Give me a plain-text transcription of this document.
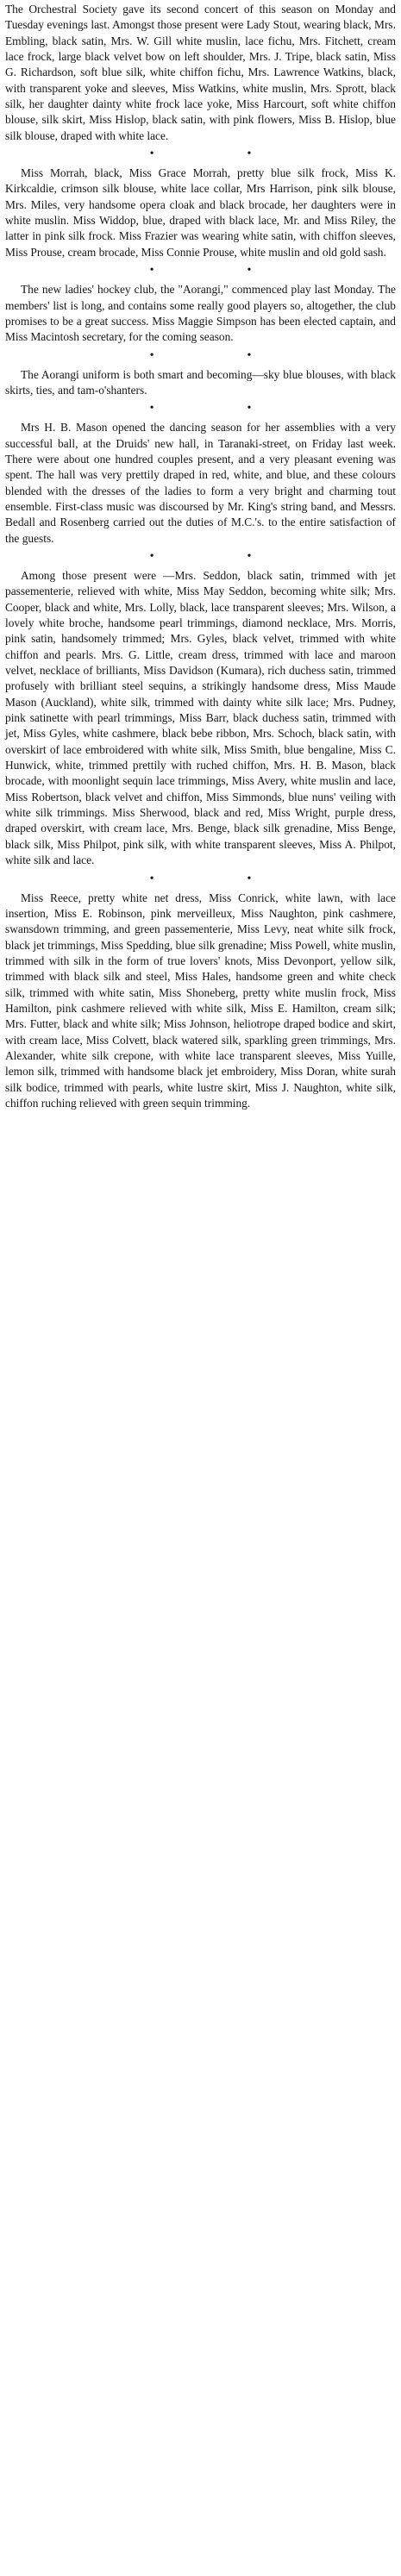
The Orchestral Society gave its second concert of this season on Monday and Tuesday evenings last. Amongst those present were Lady Stout, wearing black, Mrs. Embling, black satin, Mrs. W. Gill white muslin, lace fichu, Mrs. Fitchett, cream lace frock, large black velvet bow on left shoulder, Mrs. J. Tripe, black satin, Miss G. Richardson, soft blue silk, white chiffon fichu, Mrs. Lawrence Watkins, black, with transparent yoke and sleeves, Miss Watkins, white muslin, Mrs. Sprott, black silk, her daughter dainty white frock lace yoke, Miss Harcourt, soft white chiffon blouse, silk skirt, Miss Hislop, black satin, with pink flowers, Miss B. Hislop, blue silk blouse, draped with white lace.

•	•

Miss Morrah, black, Miss Grace Morrah, pretty blue silk frock, Miss K. Kirkcaldie, crimson silk blouse, white lace collar, Mrs Harrison, pink silk blouse, Mrs. Miles, very handsome opera cloak and black brocade, her daughters were in white muslin. Miss Widdop, blue, draped with black lace, Mr. and Miss Riley, the latter in pink silk frock. Miss Frazier was wearing white satin, with chiffon sleeves, Miss Prouse, cream brocade, Miss Connie Prouse, white muslin and old gold sash.

•	•

The new ladies' hockey club, the "Aorangi," commenced play last Monday. The members' list is long, and contains some really good players so, altogether, the club promises to be a great success. Miss Maggie Simpson has been elected captain, and Miss Macintosh secretary, for the coming season.

•	•

The Aorangi uniform is both smart and becoming—sky blue blouses, with black skirts, ties, and tam-o'shanters.

•	•

Mrs H. B. Mason opened the dancing season for her assemblies with a very successful ball, at the Druids' new hall, in Taranaki-street, on Friday last week. There were about one hundred couples present, and a very pleasant evening was spent. The hall was very prettily draped in red, white, and blue, and these colours blended with the dresses of the ladies to form a very bright and charming tout ensemble. First-class music was discoursed by Mr. King's string band, and Messrs. Bedall and Rosenberg carried out the duties of M.C.'s. to the entire satisfaction of the guests.

•	•

Among those present were —Mrs. Seddon, black satin, trimmed with jet passementerie, relieved with white, Miss May Seddon, becoming white silk; Mrs. Cooper, black and white, Mrs. Lolly, black, lace transparent sleeves; Mrs. Wilson, a lovely white broche, handsome pearl trimmings, diamond necklace, Mrs. Morris, pink satin, handsomely trimmed; Mrs. Gyles, black velvet, trimmed with white chiffon and pearls. Mrs. G. Little, cream dress, trimmed with lace and maroon velvet, necklace of brilliants, Miss Davidson (Kumara), rich duchess satin, trimmed profusely with brilliant steel sequins, a strikingly handsome dress, Miss Maude Mason (Auckland), white silk, trimmed with dainty white silk lace; Mrs. Pudney, pink satinette with pearl trimmings, Miss Barr, black duchess satin, trimmed with jet, Miss Gyles, white cashmere, black bebe ribbon, Mrs. Schoch, black satin, with overskirt of lace embroidered with white silk, Miss Smith, blue bengaline, Miss C. Hunwick, white, trimmed prettily with ruched chiffon, Mrs. H. B. Mason, black brocade, with moonlight sequin lace trimmings, Miss Avery, white muslin and lace, Miss Robertson, black velvet and chiffon, Miss Simmonds, blue nuns' veiling with white silk trimmings. Miss Sherwood, black and red, Miss Wright, purple dress, draped overskirt, with cream lace, Mrs. Benge, black silk grenadine, Miss Benge, black silk, Miss Philpot, pink silk, with white transparent sleeves, Miss A. Philpot, white silk and lace.

•	•

Miss Reece, pretty white net dress, Miss Conrick, white lawn, with lace insertion, Miss E. Robinson, pink merveilleux, Miss Naughton, pink cashmere, swansdown trimming, and green passementerie, Miss Levy, neat white silk frock, black jet trimmings, Miss Spedding, blue silk grenadine; Miss Powell, white muslin, trimmed with silk in the form of true lovers' knots, Miss Devonport, yellow silk, trimmed with black silk and steel, Miss Hales, handsome green and white check silk, trimmed with white satin, Miss Shoneberg, pretty white muslin frock, Miss Hamilton, pink cashmere relieved with white silk, Miss E. Hamilton, cream silk; Mrs. Futter, black and white silk; Miss Johnson, heliotrope draped bodice and skirt, with cream lace, Miss Colvett, black watered silk, sparkling green trimmings, Mrs. Alexander, white silk crepone, with white lace transparent sleeves, Miss Yuille, lemon silk, trimmed with handsome black jet embroidery, Miss Doran, white surah silk bodice, trimmed with pearls, white lustre skirt, Miss J. Naughton, white silk, chiffon ruching relieved with green sequin trimming.
